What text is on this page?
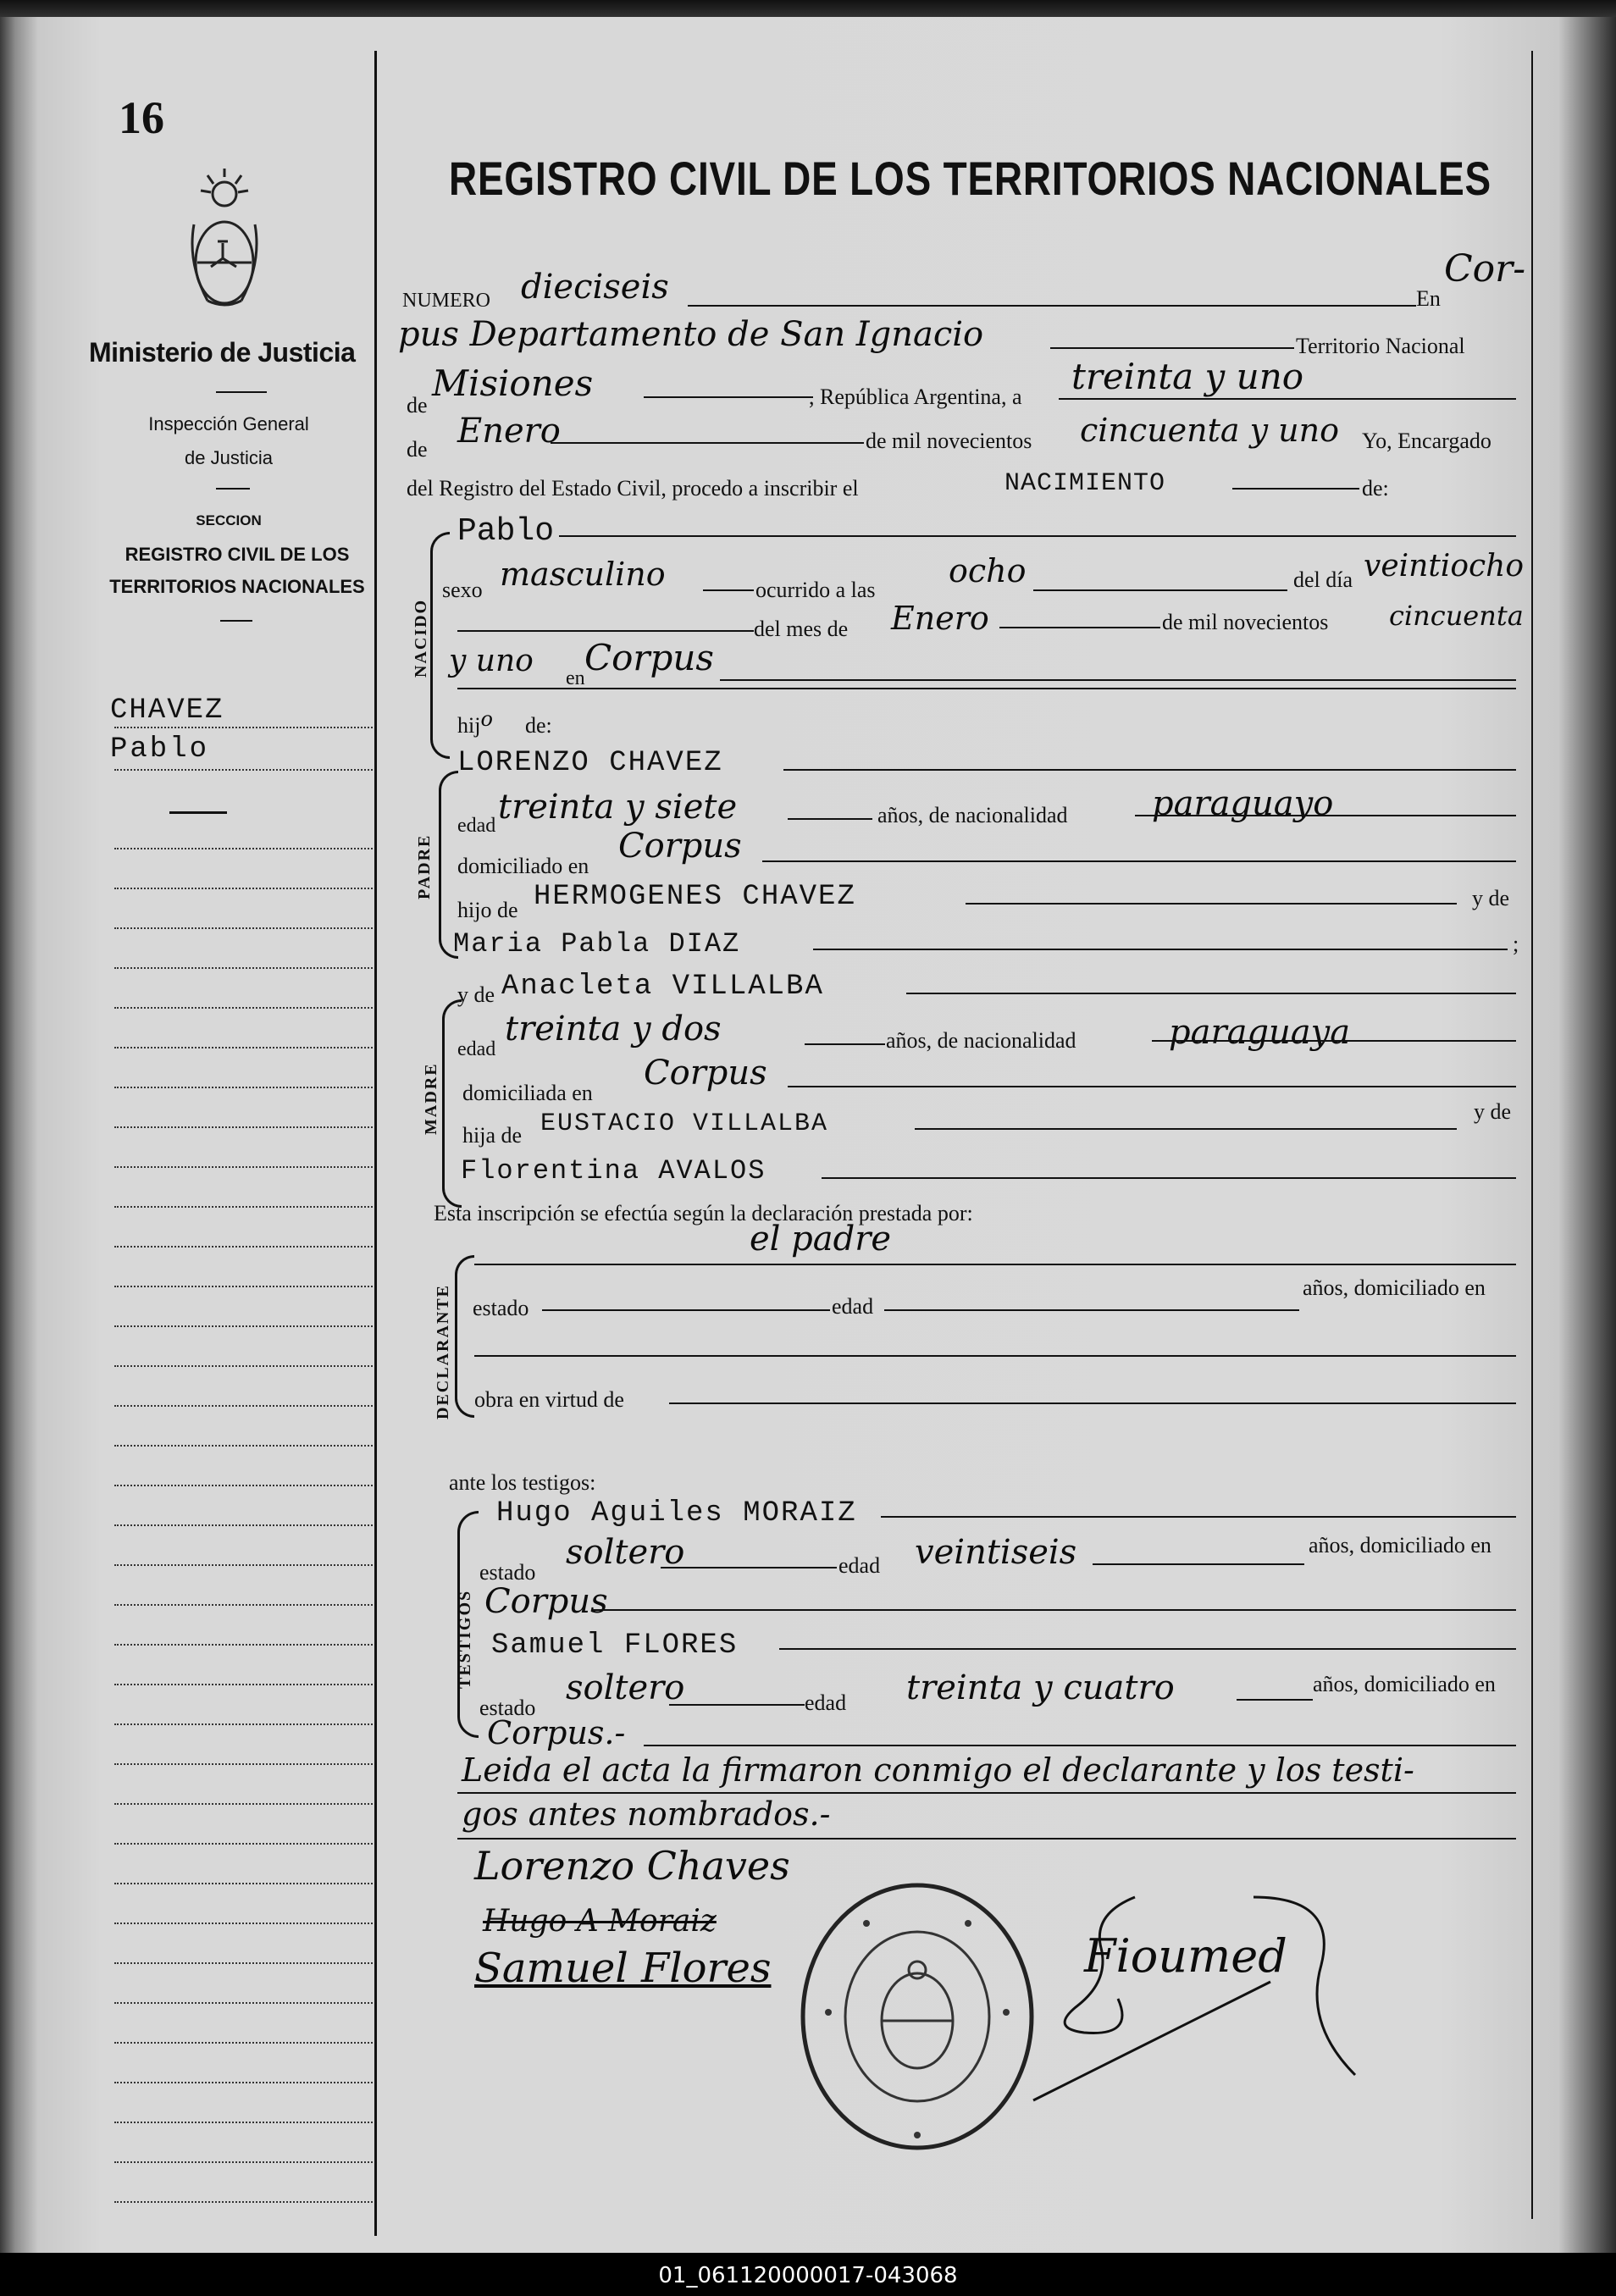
16
Ministerio de Justicia
Inspección General
de Justicia
SECCION
REGISTRO CIVIL DE LOS
TERRITORIOS NACIONALES
CHAVEZ
Pablo
REGISTRO CIVIL DE LOS TERRITORIOS NACIONALES
NUMERO dieciseis	En
Cor-
pus Departamento de San Ignacio	Territorio Nacional
de
Misiones	, República Argentina, a treinta y uno
de Enero	de mil novecientos cincuenta y uno Yo, Encargado
del Registro del Estado Civil, procedo a inscribir el	NACIMIENTO	de:
NACIDO
Pablo
sexo masculino	ocurrido a las
ocho	del día veintiocho
del mes de Enero	de mil novecientos cincuenta
y uno en Corpus
hijo de:
PADRE
LORENZO CHAVEZ
edad treinta y siete	años, de nacionalidad paraguayo
domiciliado en
Corpus
hijo de HERMOGENES CHAVEZ	y de
Maria Pabla DIAZ	;
MADRE
y de Anacleta VILLALBA
edad
treinta y dos	años, de nacionalidad	paraguaya
domiciliada en
Corpus
hija de EUSTACIO VILLALBA	y de
Florentina AVALOS
Esta inscripción se efectúa según la declaración prestada por:
el padre
DECLARANTE estado	edad
años, domiciliado en
obra en virtud de
ante los testigos:
TESTIGOS
Hugo Aguiles MORAIZ
estado
soltero	edad veintiseis	años, domiciliado en
Corpus
Samuel FLORES
estado
soltero	edad treinta y cuatro	años, domiciliado en
Corpus.-
Leida el acta la firmaron conmigo el declarante y los testi-
gos antes nombrados.-
Lorenzo Chaves
Hugo A Moraiz
Samuel Flores	Fioumed
01_061120000017-043068
